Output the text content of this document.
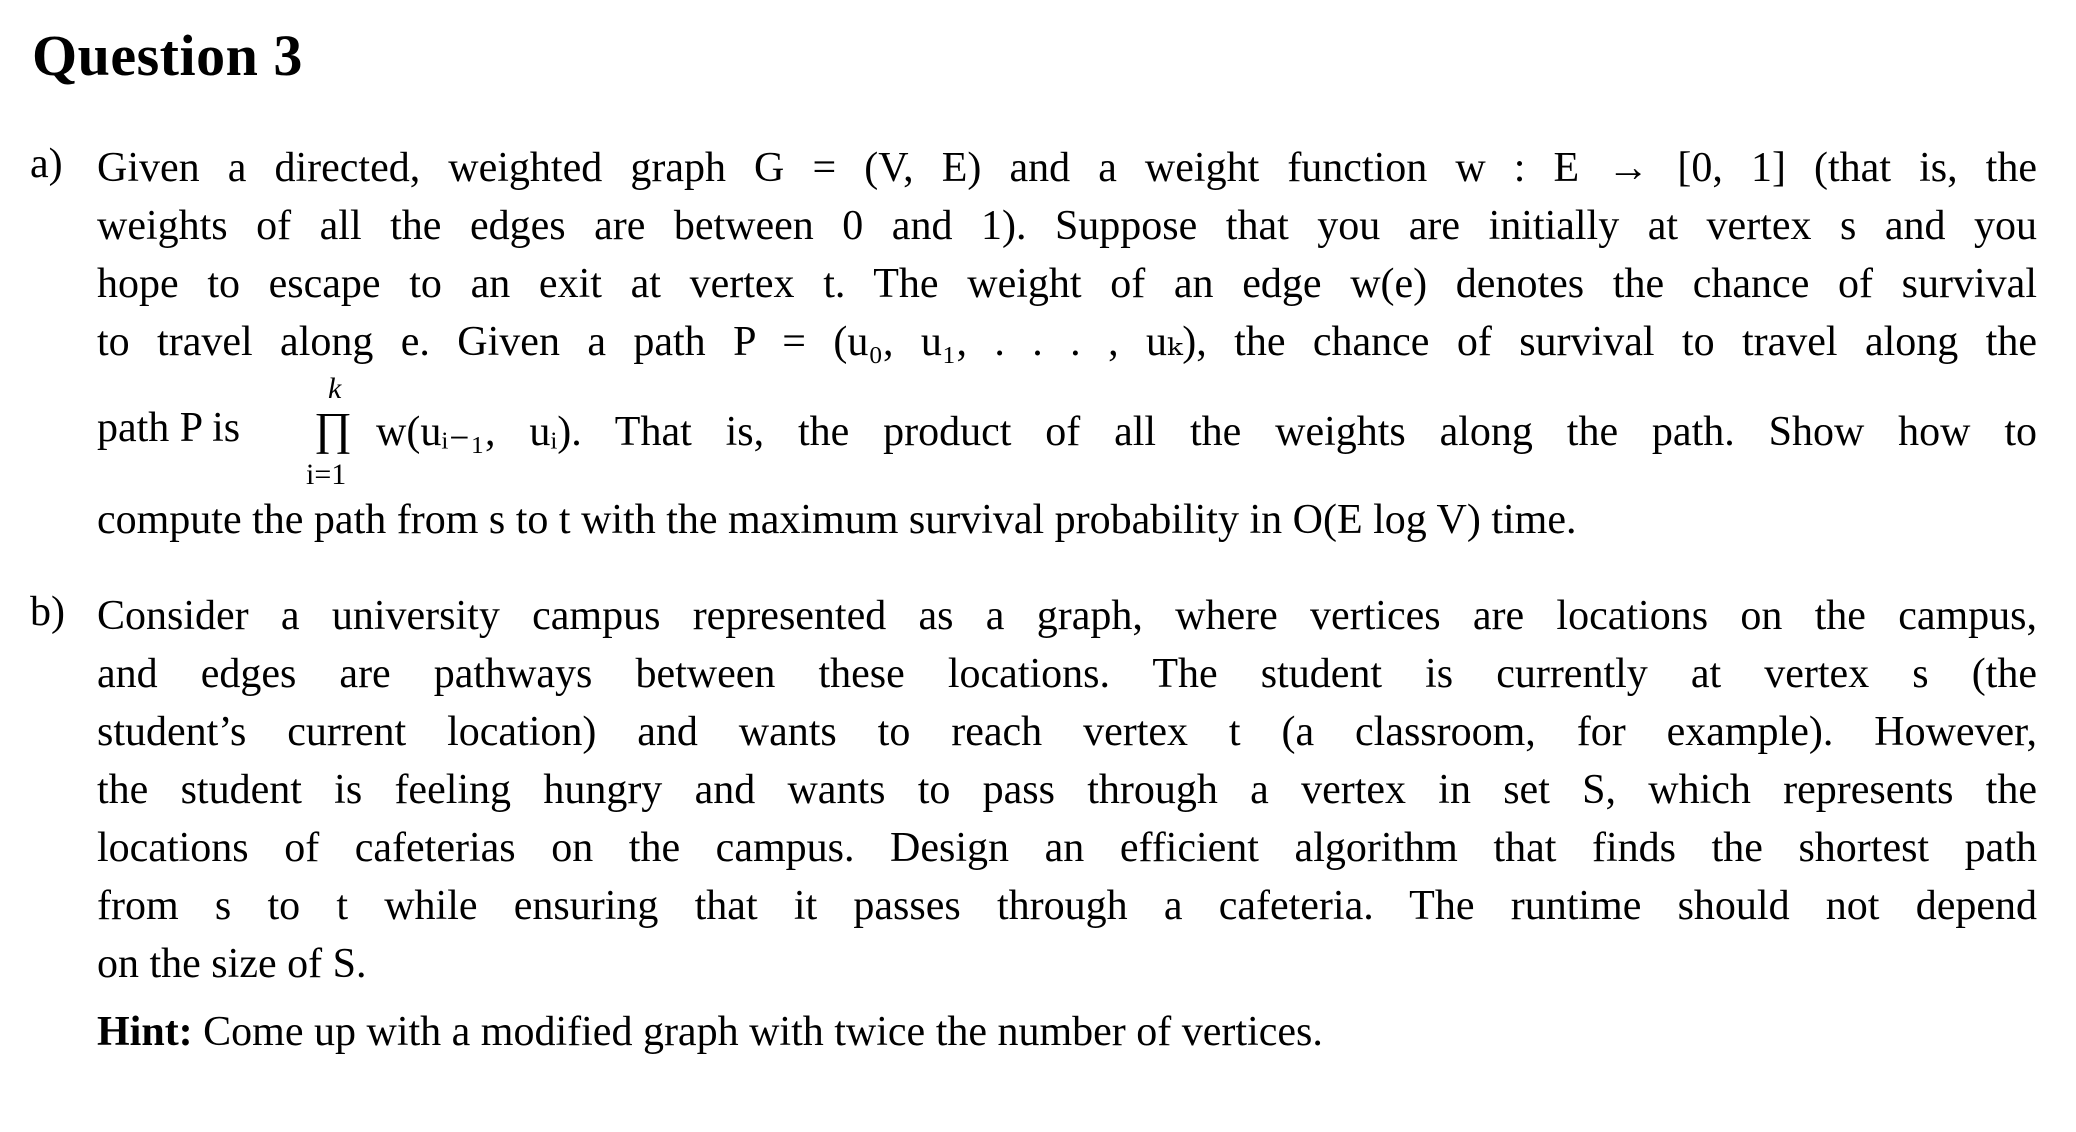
Question 3
a) Given a directed, weighted graph G = (V, E) and a weight function w : E → [0, 1] (that is, the
weights of all the edges are between 0 and 1). Suppose that you are initially at vertex s and you
hope to escape to an exit at vertex t. The weight of an edge w(e) denotes the chance of survival
to travel along e. Given a path P = (u₀, u₁, . . . , uₖ), the chance of survival to travel along the
path P is
k
∏
i=1
w(uᵢ₋₁, uᵢ). That is, the product of all the weights along the path. Show how to
compute the path from s to t with the maximum survival probability in O(E log V) time.
b) Consider a university campus represented as a graph, where vertices are locations on the campus,
and edges are pathways between these locations. The student is currently at vertex s (the
student’s current location) and wants to reach vertex t (a classroom, for example). However,
the student is feeling hungry and wants to pass through a vertex in set S, which represents the
locations of cafeterias on the campus. Design an efficient algorithm that finds the shortest path
from s to t while ensuring that it passes through a cafeteria. The runtime should not depend
on the size of S.
Hint: Come up with a modified graph with twice the number of vertices.
